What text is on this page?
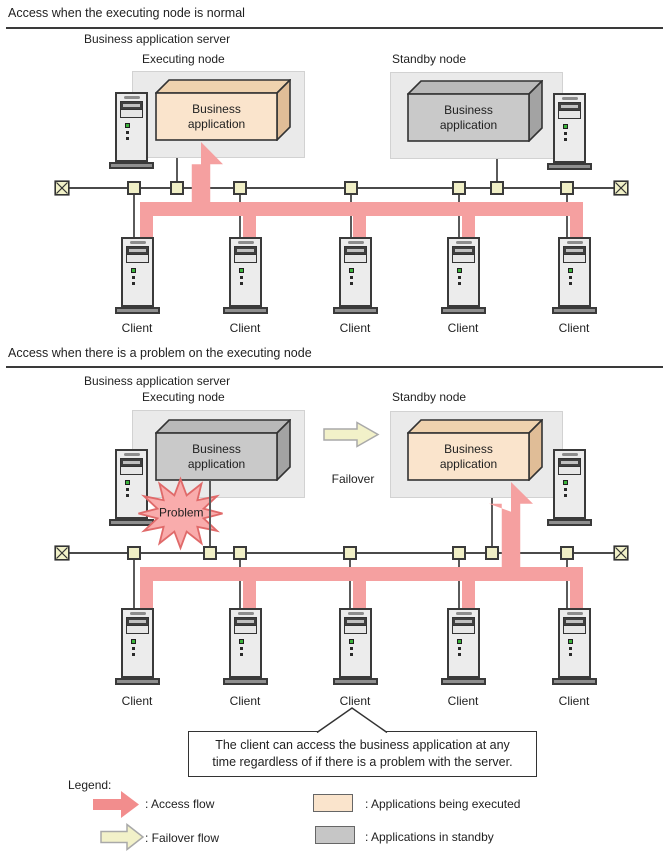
Access when the executing node is normal
Business application server
Executing node	Standby node
Business application
Business application
Client	Client	Client	Client	Client
Access when there is a problem on the executing node
Business application server
Executing node	Standby node
Business application
Business application
Failover
Problem
Client	Client	Client	Client	Client
The client can access the business application at any
time regardless of if there is a problem with the server.
Legend:
: Access flow
: Failover flow
: Applications being executed
: Applications in standby
